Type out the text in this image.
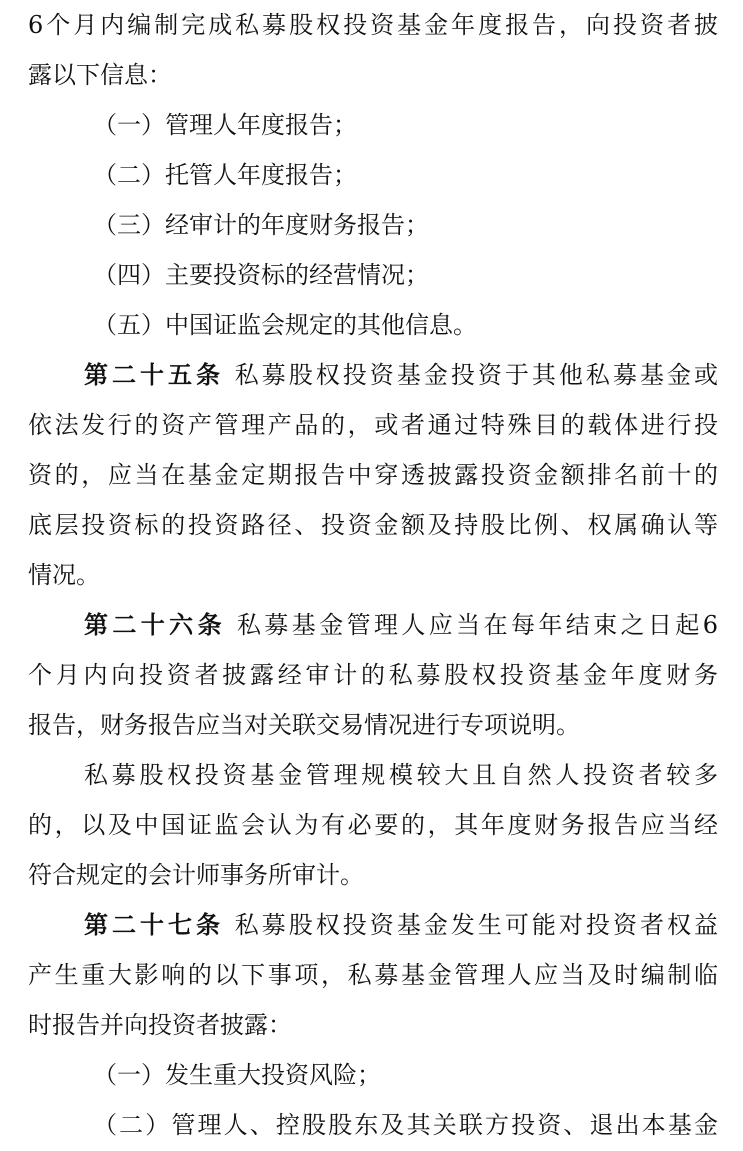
6个月内编制完成私募股权投资基金年度报告，向投资者披
露以下信息：
（一）管理人年度报告；
（二）托管人年度报告；
（三）经审计的年度财务报告；
（四）主要投资标的经营情况；
（五）中国证监会规定的其他信息。
第二十五条 私募股权投资基金投资于其他私募基金或
依法发行的资产管理产品的，或者通过特殊目的载体进行投
资的，应当在基金定期报告中穿透披露投资金额排名前十的
底层投资标的投资路径、投资金额及持股比例、权属确认等
情况。
第二十六条 私募基金管理人应当在每年结束之日起6
个月内向投资者披露经审计的私募股权投资基金年度财务
报告，财务报告应当对关联交易情况进行专项说明。
私募股权投资基金管理规模较大且自然人投资者较多
的，以及中国证监会认为有必要的，其年度财务报告应当经
符合规定的会计师事务所审计。
第二十七条 私募股权投资基金发生可能对投资者权益
产生重大影响的以下事项，私募基金管理人应当及时编制临
时报告并向投资者披露：
（一）发生重大投资风险；
（二）管理人、控股股东及其关联方投资、退出本基金
